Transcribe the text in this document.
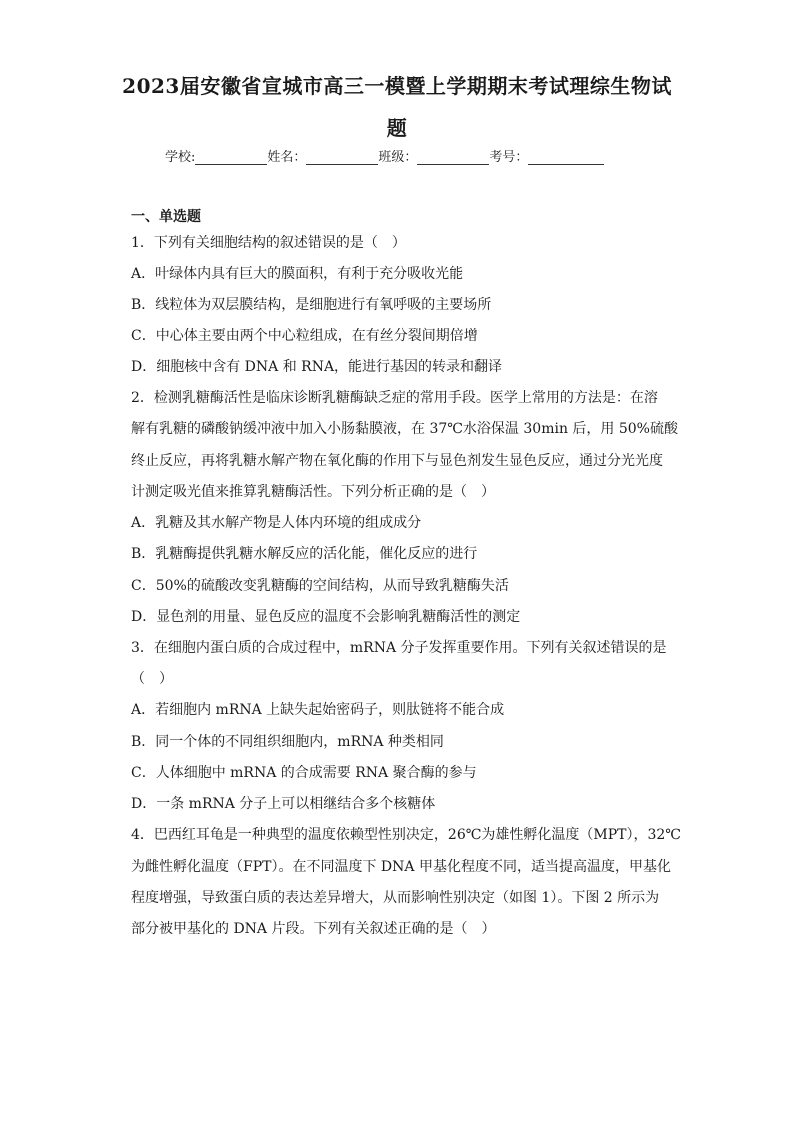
2023届安徽省宣城市高三一模暨上学期期末考试理综生物试
题
学校:	姓名：	班级：	考号：
一、单选题
1．下列有关细胞结构的叙述错误的是（　）
A．叶绿体内具有巨大的膜面积，有利于充分吸收光能
B．线粒体为双层膜结构，是细胞进行有氧呼吸的主要场所
C．中心体主要由两个中心粒组成，在有丝分裂间期倍增
D．细胞核中含有 DNA 和 RNA，能进行基因的转录和翻译
2．检测乳糖酶活性是临床诊断乳糖酶缺乏症的常用手段。医学上常用的方法是：在溶
解有乳糖的磷酸钠缓冲液中加入小肠黏膜液，在 37℃水浴保温 30min 后，用 50%硫酸
终止反应，再将乳糖水解产物在氧化酶的作用下与显色剂发生显色反应，通过分光光度
计测定吸光值来推算乳糖酶活性。下列分析正确的是（　）
A．乳糖及其水解产物是人体内环境的组成成分
B．乳糖酶提供乳糖水解反应的活化能，催化反应的进行
C．50%的硫酸改变乳糖酶的空间结构，从而导致乳糖酶失活
D．显色剂的用量、显色反应的温度不会影响乳糖酶活性的测定
3．在细胞内蛋白质的合成过程中，mRNA 分子发挥重要作用。下列有关叙述错误的是
（　）
A．若细胞内 mRNA 上缺失起始密码子，则肽链将不能合成
B．同一个体的不同组织细胞内，mRNA 种类相同
C．人体细胞中 mRNA 的合成需要 RNA 聚合酶的参与
D．一条 mRNA 分子上可以相继结合多个核糖体
4．巴西红耳龟是一种典型的温度依赖型性别决定，26℃为雄性孵化温度（MPT），32℃
为雌性孵化温度（FPT）。在不同温度下 DNA 甲基化程度不同，适当提高温度，甲基化
程度增强，导致蛋白质的表达差异增大，从而影响性别决定（如图 1）。下图 2 所示为
部分被甲基化的 DNA 片段。下列有关叙述正确的是（　）
